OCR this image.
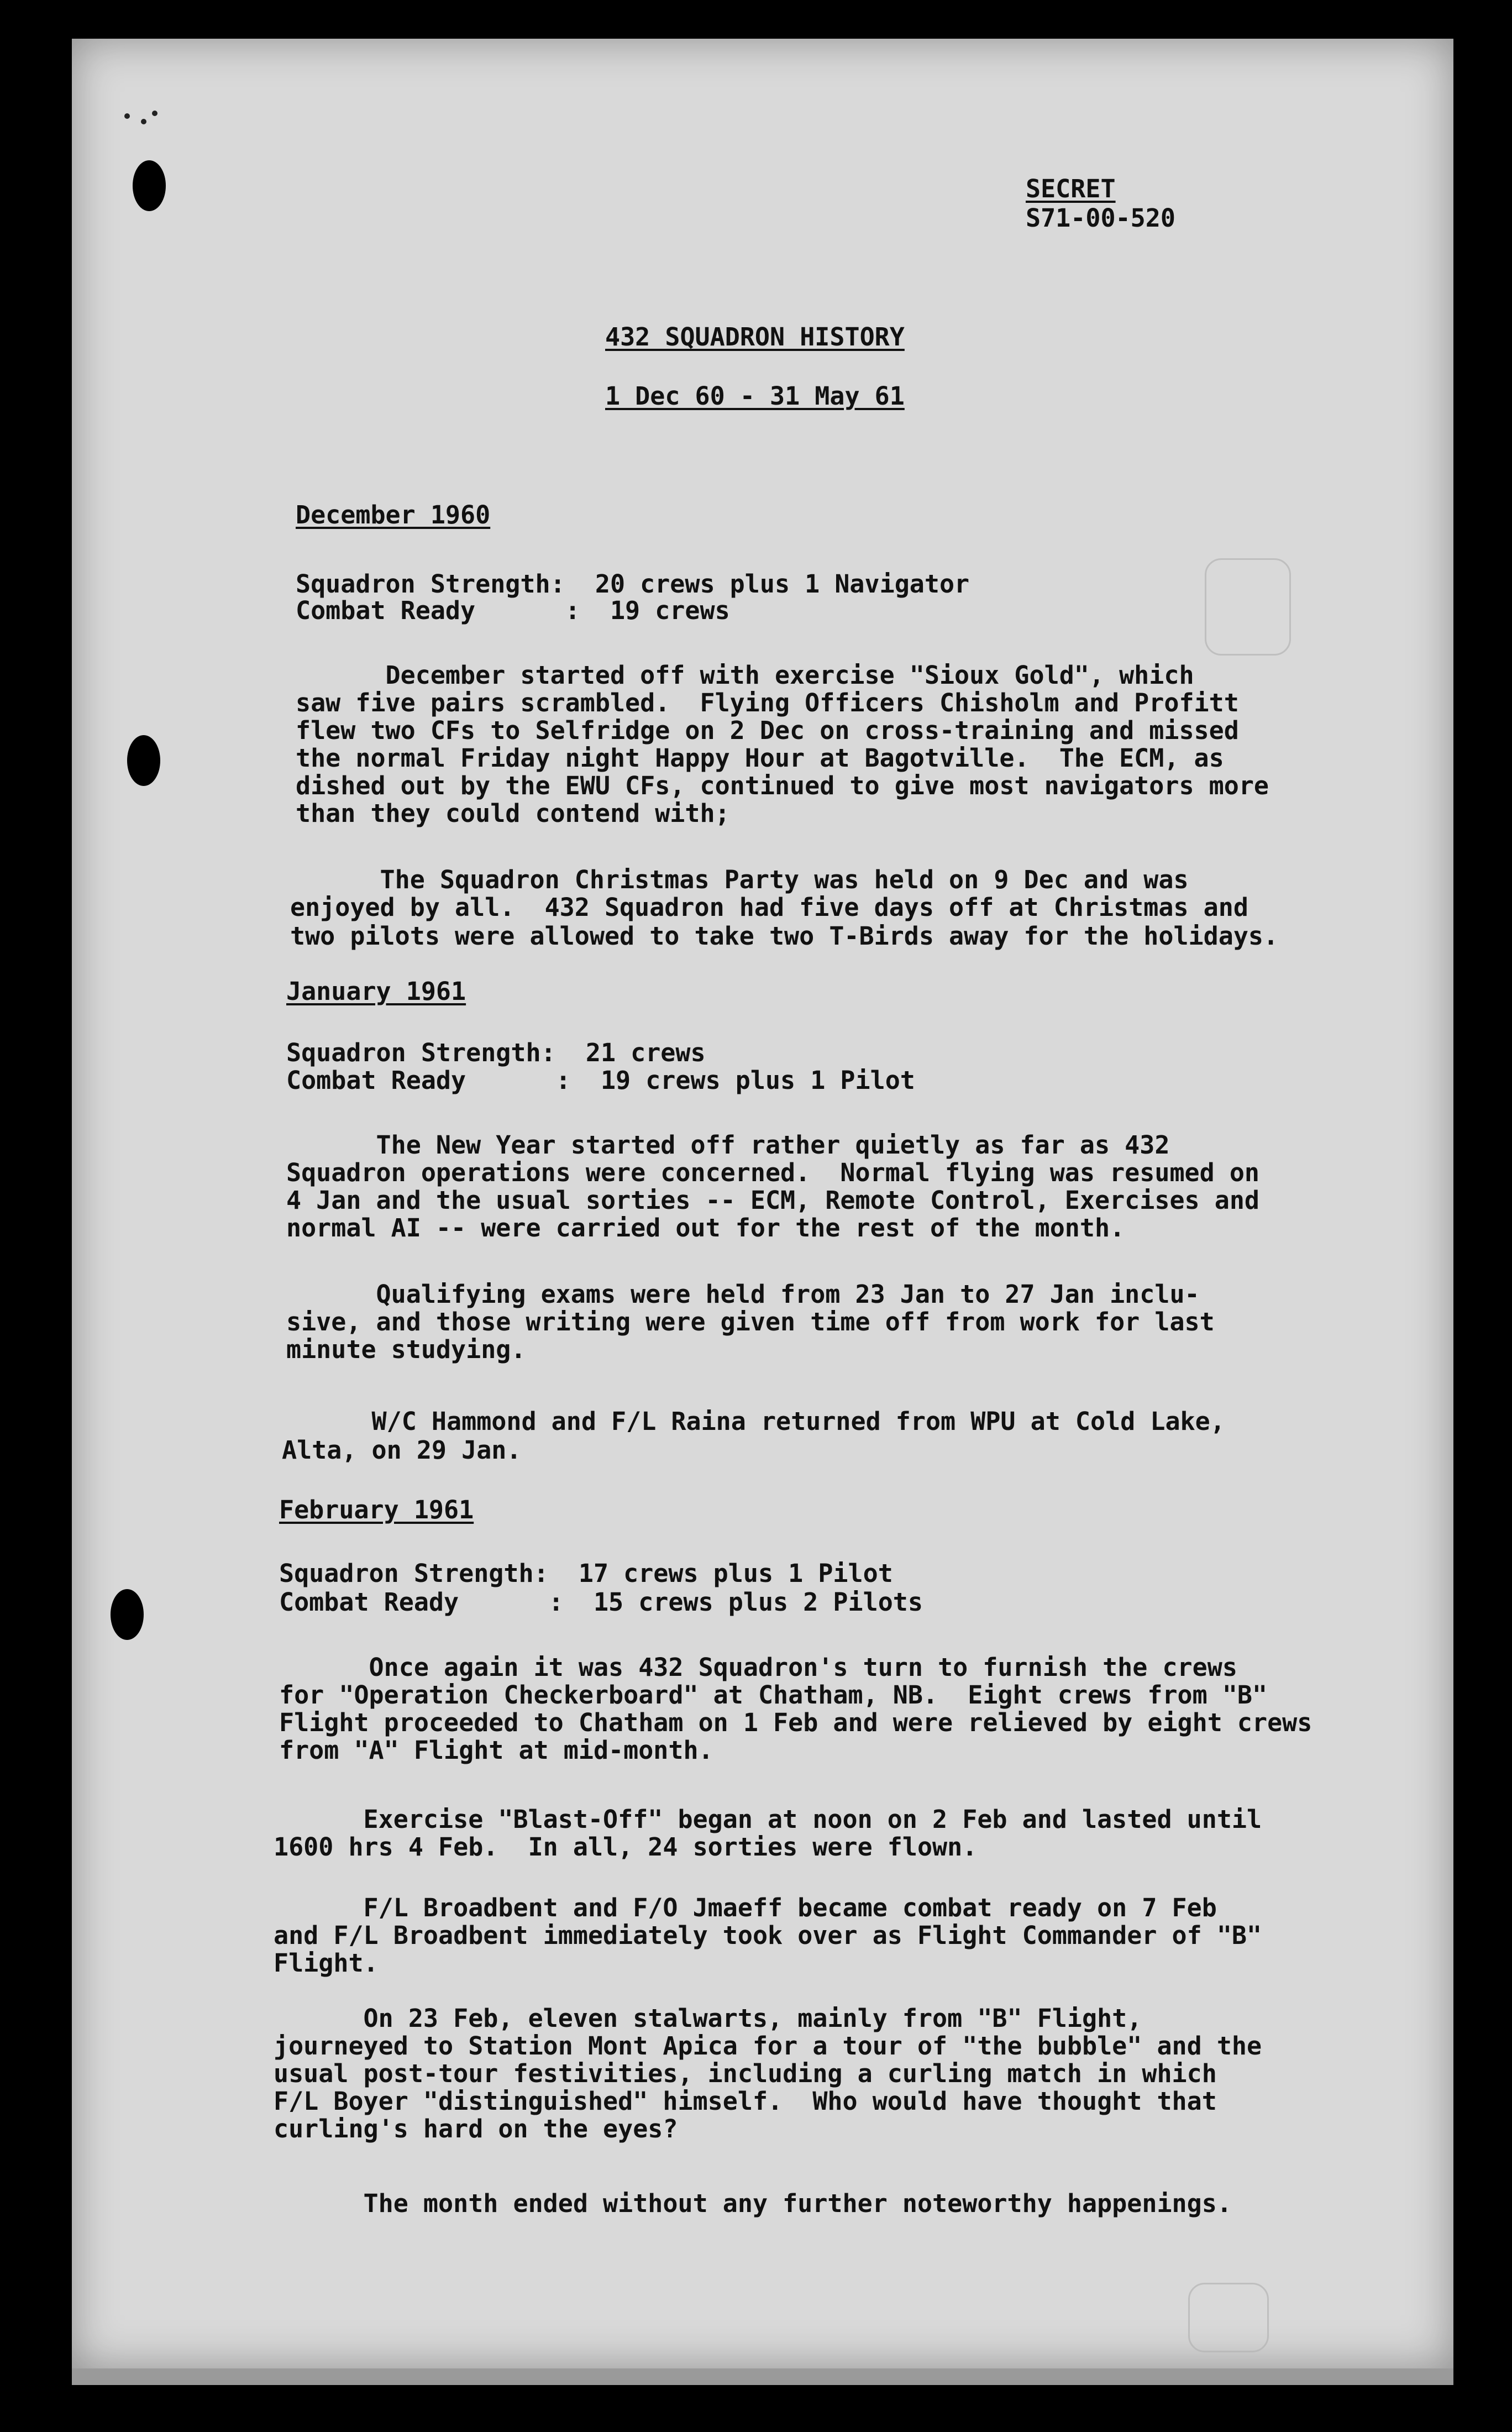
SECRET
S71-00-520
432 SQUADRON HISTORY
1 Dec 60 - 31 May 61
December 1960
Squadron Strength:  20 crews plus 1 Navigator
Combat Ready      :  19 crews
December started off with exercise "Sioux Gold", which
saw five pairs scrambled.  Flying Officers Chisholm and Profitt
flew two CFs to Selfridge on 2 Dec on cross-training and missed
the normal Friday night Happy Hour at Bagotville.  The ECM, as
dished out by the EWU CFs, continued to give most navigators more
than they could contend with;
The Squadron Christmas Party was held on 9 Dec and was
enjoyed by all.  432 Squadron had five days off at Christmas and
two pilots were allowed to take two T-Birds away for the holidays.
January 1961
Squadron Strength:  21 crews
Combat Ready      :  19 crews plus 1 Pilot
The New Year started off rather quietly as far as 432
Squadron operations were concerned.  Normal flying was resumed on
4 Jan and the usual sorties -- ECM, Remote Control, Exercises and
normal AI -- were carried out for the rest of the month.
Qualifying exams were held from 23 Jan to 27 Jan inclu-
sive, and those writing were given time off from work for last
minute studying.
W/C Hammond and F/L Raina returned from WPU at Cold Lake,
Alta, on 29 Jan.
February 1961
Squadron Strength:  17 crews plus 1 Pilot
Combat Ready      :  15 crews plus 2 Pilots
Once again it was 432 Squadron's turn to furnish the crews
for "Operation Checkerboard" at Chatham, NB.  Eight crews from "B"
Flight proceeded to Chatham on 1 Feb and were relieved by eight crews
from "A" Flight at mid-month.
Exercise "Blast-Off" began at noon on 2 Feb and lasted until
1600 hrs 4 Feb.  In all, 24 sorties were flown.
F/L Broadbent and F/O Jmaeff became combat ready on 7 Feb
and F/L Broadbent immediately took over as Flight Commander of "B"
Flight.
On 23 Feb, eleven stalwarts, mainly from "B" Flight,
journeyed to Station Mont Apica for a tour of "the bubble" and the
usual post-tour festivities, including a curling match in which
F/L Boyer "distinguished" himself.  Who would have thought that
curling's hard on the eyes?
The month ended without any further noteworthy happenings.
